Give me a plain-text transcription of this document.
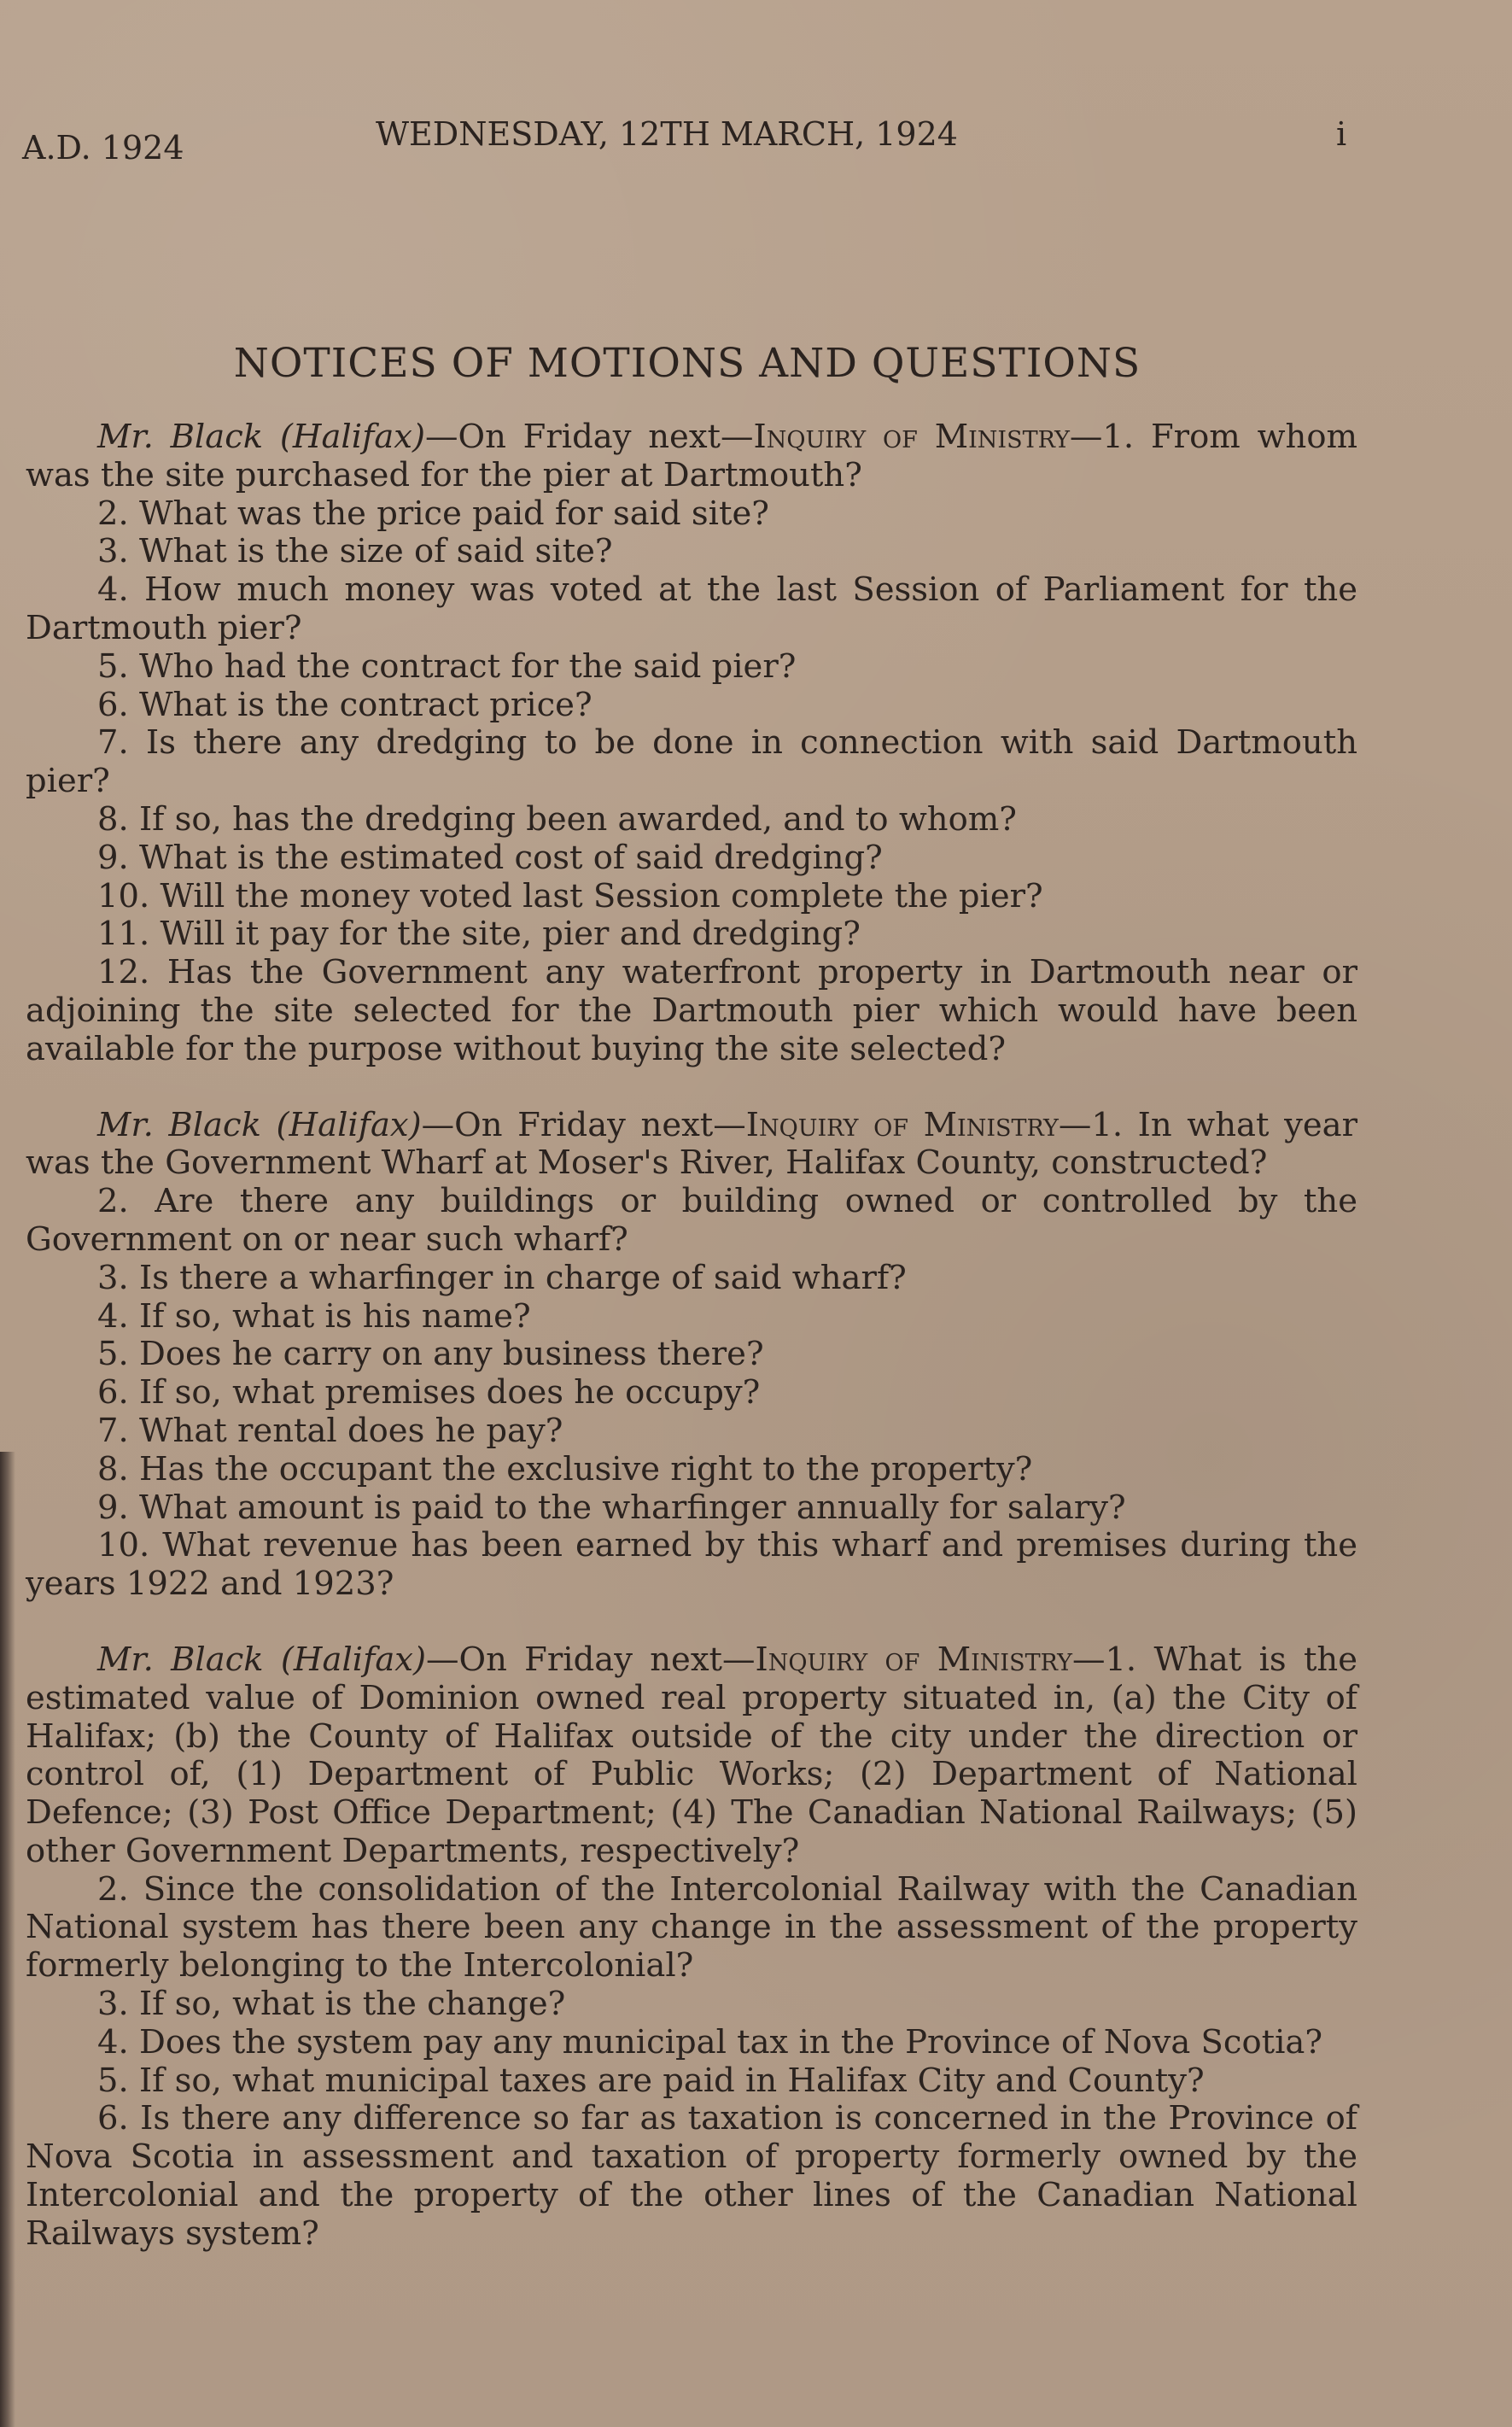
A.D. 1924	WEDNESDAY, 12TH MARCH, 1924	i
NOTICES OF MOTIONS AND QUESTIONS

Mr. Black (Halifax)—On Friday next—Inquiry of Ministry—1. From whom was the site purchased for the pier at Dartmouth?

2. What was the price paid for said site?

3. What is the size of said site?

4. How much money was voted at the last Session of Parliament for the Dartmouth pier?

5. Who had the contract for the said pier?

6. What is the contract price?

7. Is there any dredging to be done in connection with said Dartmouth pier?

8. If so, has the dredging been awarded, and to whom?

9. What is the estimated cost of said dredging?

10. Will the money voted last Session complete the pier?

11. Will it pay for the site, pier and dredging?

12. Has the Government any waterfront property in Dartmouth near or adjoining the site selected for the Dartmouth pier which would have been available for the purpose without buying the site selected?

Mr. Black (Halifax)—On Friday next—Inquiry of Ministry—1. In what year was the Government Wharf at Moser's River, Halifax County, constructed?

2. Are there any buildings or building owned or controlled by the Government on or near such wharf?

3. Is there a wharfinger in charge of said wharf?

4. If so, what is his name?

5. Does he carry on any business there?

6. If so, what premises does he occupy?

7. What rental does he pay?

8. Has the occupant the exclusive right to the property?

9. What amount is paid to the wharfinger annually for salary?

10. What revenue has been earned by this wharf and premises during the years 1922 and 1923?

Mr. Black (Halifax)—On Friday next—Inquiry of Ministry—1. What is the estimated value of Dominion owned real property situated in, (a) the City of Halifax; (b) the County of Halifax outside of the city under the direction or control of, (1) Department of Public Works; (2) Department of National Defence; (3) Post Office Department; (4) The Canadian National Railways; (5) other Government Departments, respectively?

2. Since the consolidation of the Intercolonial Railway with the Canadian National system has there been any change in the assessment of the property formerly belonging to the Intercolonial?

3. If so, what is the change?

4. Does the system pay any municipal tax in the Province of Nova Scotia?

5. If so, what municipal taxes are paid in Halifax City and County?

6. Is there any difference so far as taxation is concerned in the Province of Nova Scotia in assessment and taxation of property formerly owned by the Intercolonial and the property of the other lines of the Canadian National Railways system?
